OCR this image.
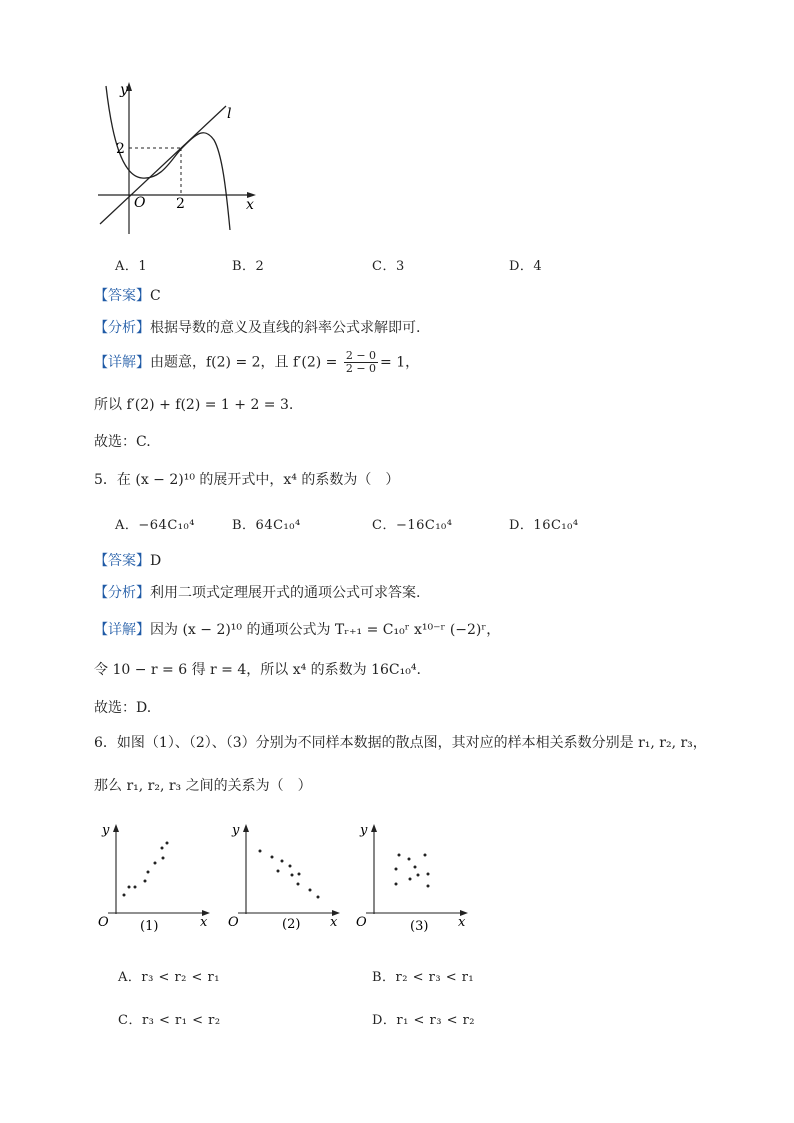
y
x
O
2
2
l
A．1	B．2	C．3	D．4
【 答案 】 C
【 分析 】 根据导数的意义及直线的斜率公式求解即可.
【 详解 】 由题意，f(2) = 2，且 $f'(2) = \frac{2 - 0}{2 - 0} = 1$，
所以 f′(2) + f(2) = 1 + 2 = 3.
故选：C.
5．在 (x − 2)¹⁰ 的展开式中，x⁴ 的系数为（　）
A．−64C₁₀⁴	B．64C₁₀⁴	C．−16C₁₀⁴	D．16C₁₀⁴
【 答案 】 D
【 分析 】 利用二项式定理展开式的通项公式可求答案.
【 详解 】 因为 (x − 2)¹⁰ 的通项公式为 Tᵣ₊₁ = C₁₀ʳ x¹⁰⁻ʳ (−2)ʳ，
令 10 − r = 6 得 r = 4，所以 x⁴ 的系数为 16C₁₀⁴.
故选：D.
6．如图（1）、（2）、（3）分别为不同样本数据的散点图，其对应的样本相关系数分别是 r₁, r₂, r₃，
那么 r₁, r₂, r₃ 之间的关系为（　）
y
x
O (1)
y
x
O	(2)
y
x
O	(3)
A．r₃ < r₂ < r₁	B．r₂ < r₃ < r₁
C．r₃ < r₁ < r₂	D．r₁ < r₃ < r₂
